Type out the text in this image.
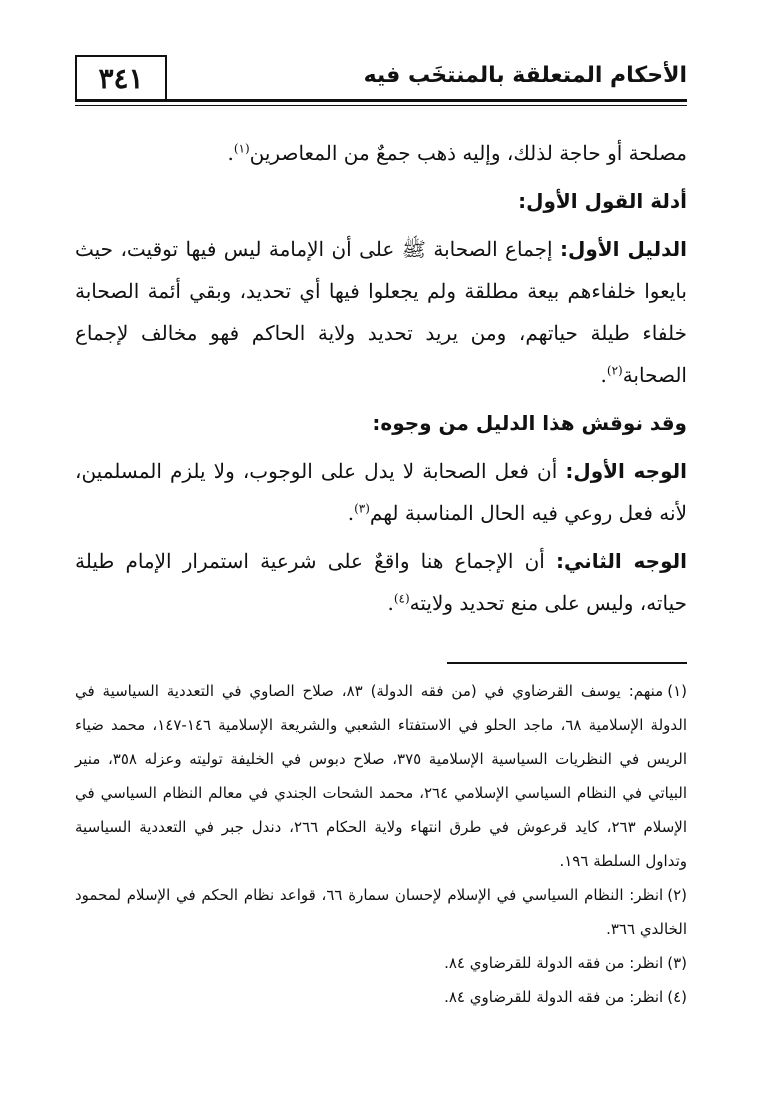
٣٤١	الأحكام المتعلقة بالمنتخَب فيه

مصلحة أو حاجة لذلك، وإليه ذهب جمعٌ من المعاصرين$^{(١)}$.

أدلة القول الأول:

الدليل الأول: إجماع الصحابة ﷺ على أن الإمامة ليس فيها توقيت، حيث بايعوا خلفاءهم بيعة مطلقة ولم يجعلوا فيها أي تحديد، وبقي أئمة الصحابة خلفاء طيلة حياتهم، ومن يريد تحديد ولاية الحاكم فهو مخالف لإجماع الصحابة$^{(٢)}$.

وقد نوقش هذا الدليل من وجوه:

الوجه الأول: أن فعل الصحابة لا يدل على الوجوب، ولا يلزم المسلمين، لأنه فعل روعي فيه الحال المناسبة لهم$^{(٣)}$.

الوجه الثاني: أن الإجماع هنا واقعٌ على شرعية استمرار الإمام طيلة حياته، وليس على منع تحديد ولايته$^{(٤)}$.

(١)منهم: يوسف القرضاوي في (من فقه الدولة) ٨٣، صلاح الصاوي في التعددية السياسية في الدولة الإسلامية ٦٨، ماجد الحلو في الاستفتاء الشعبي والشريعة الإسلامية ١٤٦-١٤٧، محمد ضياء الريس في النظريات السياسية الإسلامية ٣٧٥، صلاح دبوس في الخليفة توليته وعزله ٣٥٨، منير البياتي في النظام السياسي الإسلامي ٢٦٤، محمد الشحات الجندي في معالم النظام السياسي في الإسلام ٢٦٣، كايد قرعوش في طرق انتهاء ولاية الحكام ٢٦٦، دندل جبر في التعددية السياسية وتداول السلطة ١٩٦.

(٢)انظر: النظام السياسي في الإسلام لإحسان سمارة ٦٦، قواعد نظام الحكم في الإسلام لمحمود الخالدي ٣٦٦.

(٣)انظر: من فقه الدولة للقرضاوي ٨٤.

(٤)انظر: من فقه الدولة للقرضاوي ٨٤.
